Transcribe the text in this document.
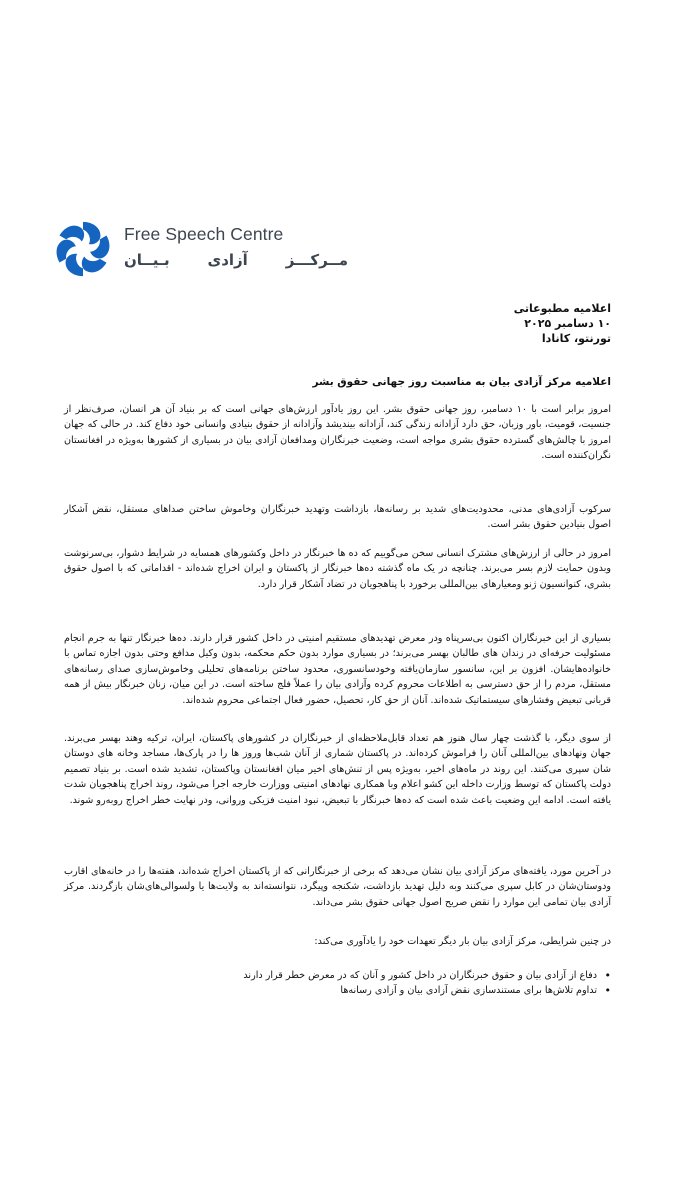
Free Speech Centre
مــرکـــز آزادی بـیــان
اعلامیه مطبوعاتی
۱۰ دسامبر ۲۰۲۵
تورنتو، کانادا
اعلامیه مرکز آزادی بیان به مناسبت روز جهانی حقوق بشر
امروز برابر است با ۱۰ دسامبر، روز جهانی حقوق بشر. این روز یادآور ارزش‌های جهانی است که بر بنیاد آن هر انسان، صرف‌نظر از جنسیت، قومیت، باور وزبان، حق دارد آزادانه زندگی کند، آزادانه بیندیشد وآزادانه از حقوق بنیادی وانسانی خود دفاع کند. در حالی که جهان امروز با چالش‌های گسترده حقوق بشری مواجه است، وضعیت خبرنگاران ومدافعان آزادی بیان در بسیاری از کشورها به‌ویژه در افغانستان نگران‌کننده است.
سرکوب آزادی‌های مدنی، محدودیت‌های شدید بر رسانه‌ها، بازداشت وتهدید خبرنگاران وخاموش ساختن صداهای مستقل، نقض آشکار اصول بنیادین حقوق بشر است.
امروز در حالی از ارزش‌های مشترک انسانی سخن می‌گوییم که ده ها خبرنگار در داخل وکشورهای همسایه در شرایط دشوار، بی‌سرنوشت وبدون حمایت لازم بسر می‌برند. چنانچه در یک ماه گذشته ده‌ها خبرنگار از پاکستان و ایران اخراج شده‌اند - اقداماتی که با اصول حقوق بشری، کنوانسیون ژنو ومعیارهای بین‌المللی برخورد با پناهجویان در تضاد آشکار قرار دارد.
بسیاری از این خبرنگاران اکنون بی‌سرپناه ودر معرض تهدیدهای مستقیم امنیتی در داخل کشور قرار دارند. ده‌ها خبرنگار تنها به جرم انجام مسئولیت حرفه‌ای در زندان های طالبان بهسر می‌برند؛ در بسیاری موارد بدون حکم محکمه، بدون وکیل مدافع وحتی بدون اجازه تماس با خانواده‌هایشان. افزون بر این، سانسور سازمان‌یافته وخودسانسوری، محدود ساختن برنامه‌های تحلیلی وخاموش‌سازی صدای رسانه‌های مستقل، مردم را از حق دسترسی به اطلاعات محروم کرده وآزادی بیان را عملاً فلج ساخته است. در این میان، زنان خبرنگار بیش از همه قربانی تبعیض وفشارهای سیستماتیک شده‌اند. آنان از حق کار، تحصیل، حضور فعال اجتماعی محروم شده‌اند.
از سوی دیگر، با گذشت چهار سال هنوز هم تعداد قابل‌ملاحظه‌ای از خبرنگاران در کشورهای پاکستان، ایران، ترکیه وهند بهسر می‌برند. جهان ونهادهای بین‌المللی آنان را فراموش کرده‌اند. در پاکستان شماری از آنان شب‌ها وروز ها را در پارک‌ها، مساجد وخانه های دوستان شان سپری می‌کنند. این روند در ماه‌های اخیر، به‌ویژه پس از تنش‌های اخیر میان افغانستان وپاکستان، تشدید شده است. بر بنیاد تصمیم دولت پاکستان که توسط وزارت داخله این کشو اعلام وبا همکاری نهادهای امنیتی ووزارت خارجه اجرا می‌شود، روند اخراج پناهجویان شدت یافته است. ادامه این وضعیت باعث شده است که ده‌ها خبرنگار با تبعیض، نبود امنیت فزیکی وروانی، ودر نهایت خطر اخراج روبه‌رو شوند.
در آخرین مورد، یافته‌های مرکز آزادی بیان نشان می‌دهد که برخی از خبرنگارانی که از پاکستان اخراج شده‌اند، هفته‌ها را در خانه‌های اقارب ودوستان‌شان در کابل سپری می‌کنند وبه دلیل تهدید بازداشت، شکنجه وپیگرد، نتوانسته‌اند به ولایت‌ها یا ولسوالی‌های‌شان بازگردند. مرکز آزادی بیان تمامی این موارد را نقض صریح اصول جهانی حقوق بشر می‌داند.
در چنین شرایطی، مرکز آزادی بیان بار دیگر تعهدات خود را یادآوری می‌کند:
• دفاع از آزادی بیان و حقوق خبرنگاران در داخل کشور و آنان که در معرض خطر قرار دارند
• تداوم تلاش‌ها برای مستندسازی نقض آزادی بیان و آزادی رسانه‌ها
